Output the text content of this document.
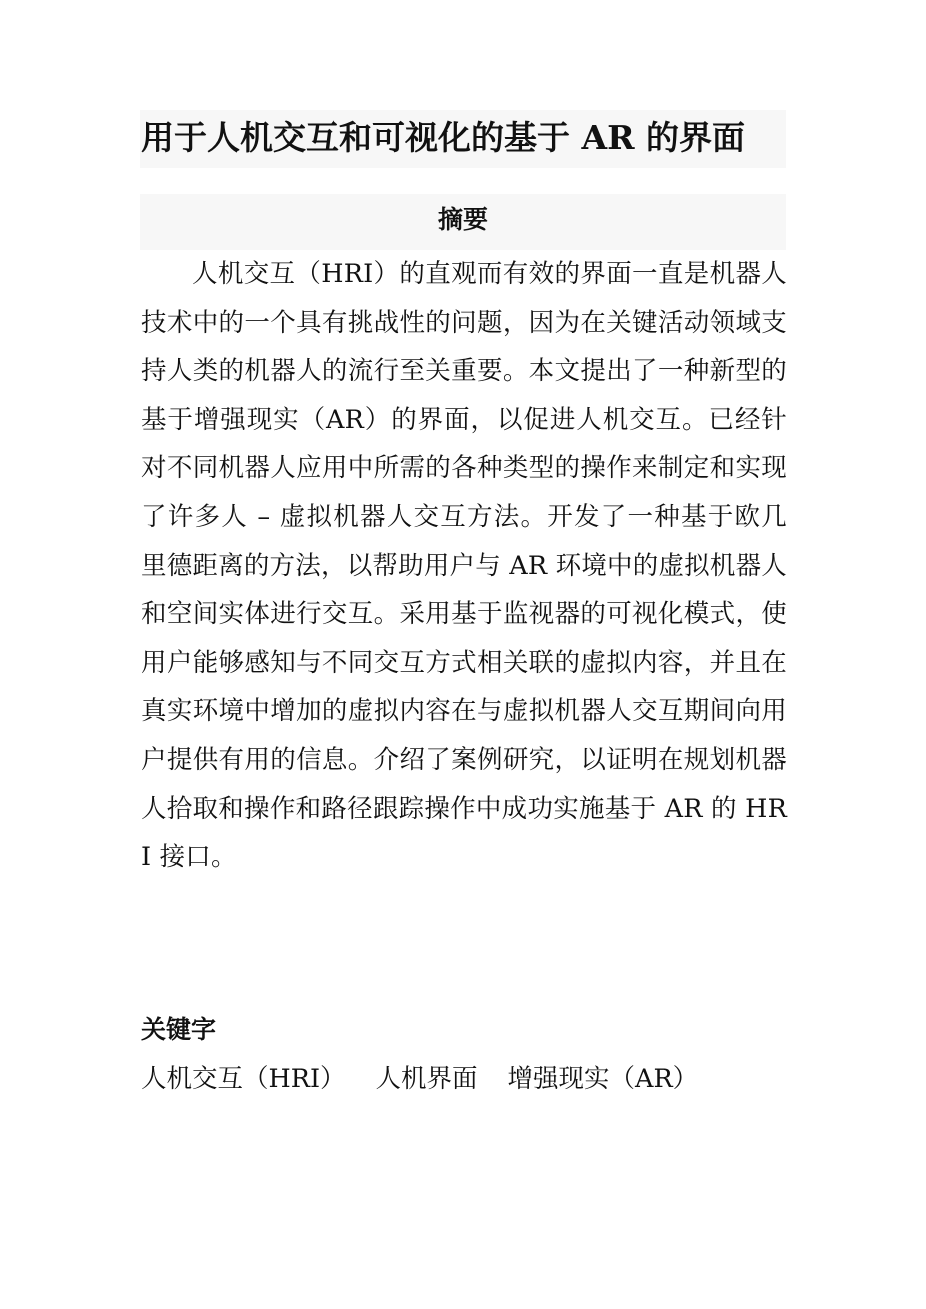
用于人机交互和可视化的基于 AR 的界面
摘要

人机交互（HRI）的直观而有效的界面一直是机器人技术中的一个具有挑战性的问题，因为在关键活动领域支持人类的机器人的流行至关重要。本文提出了一种新型的基于增强现实（AR）的界面，以促进人机交互。已经针对不同机器人应用中所需的各种类型的操作来制定和实现了许多人 – 虚拟机器人交互方法。开发了一种基于欧几里德距离的方法，以帮助用户与 AR 环境中的虚拟机器人和空间实体进行交互。采用基于监视器的可视化模式，使用户能够感知与不同交互方式相关联的虚拟内容，并且在真实环境中增加的虚拟内容在与虚拟机器人交互期间向用户提供有用的信息。介绍了案例研究，以证明在规划机器人拾取和操作和路径跟踪操作中成功实施基于 AR 的 HRI 接口。

关键字
人机交互（HRI） 人机界面 增强现实（AR）
